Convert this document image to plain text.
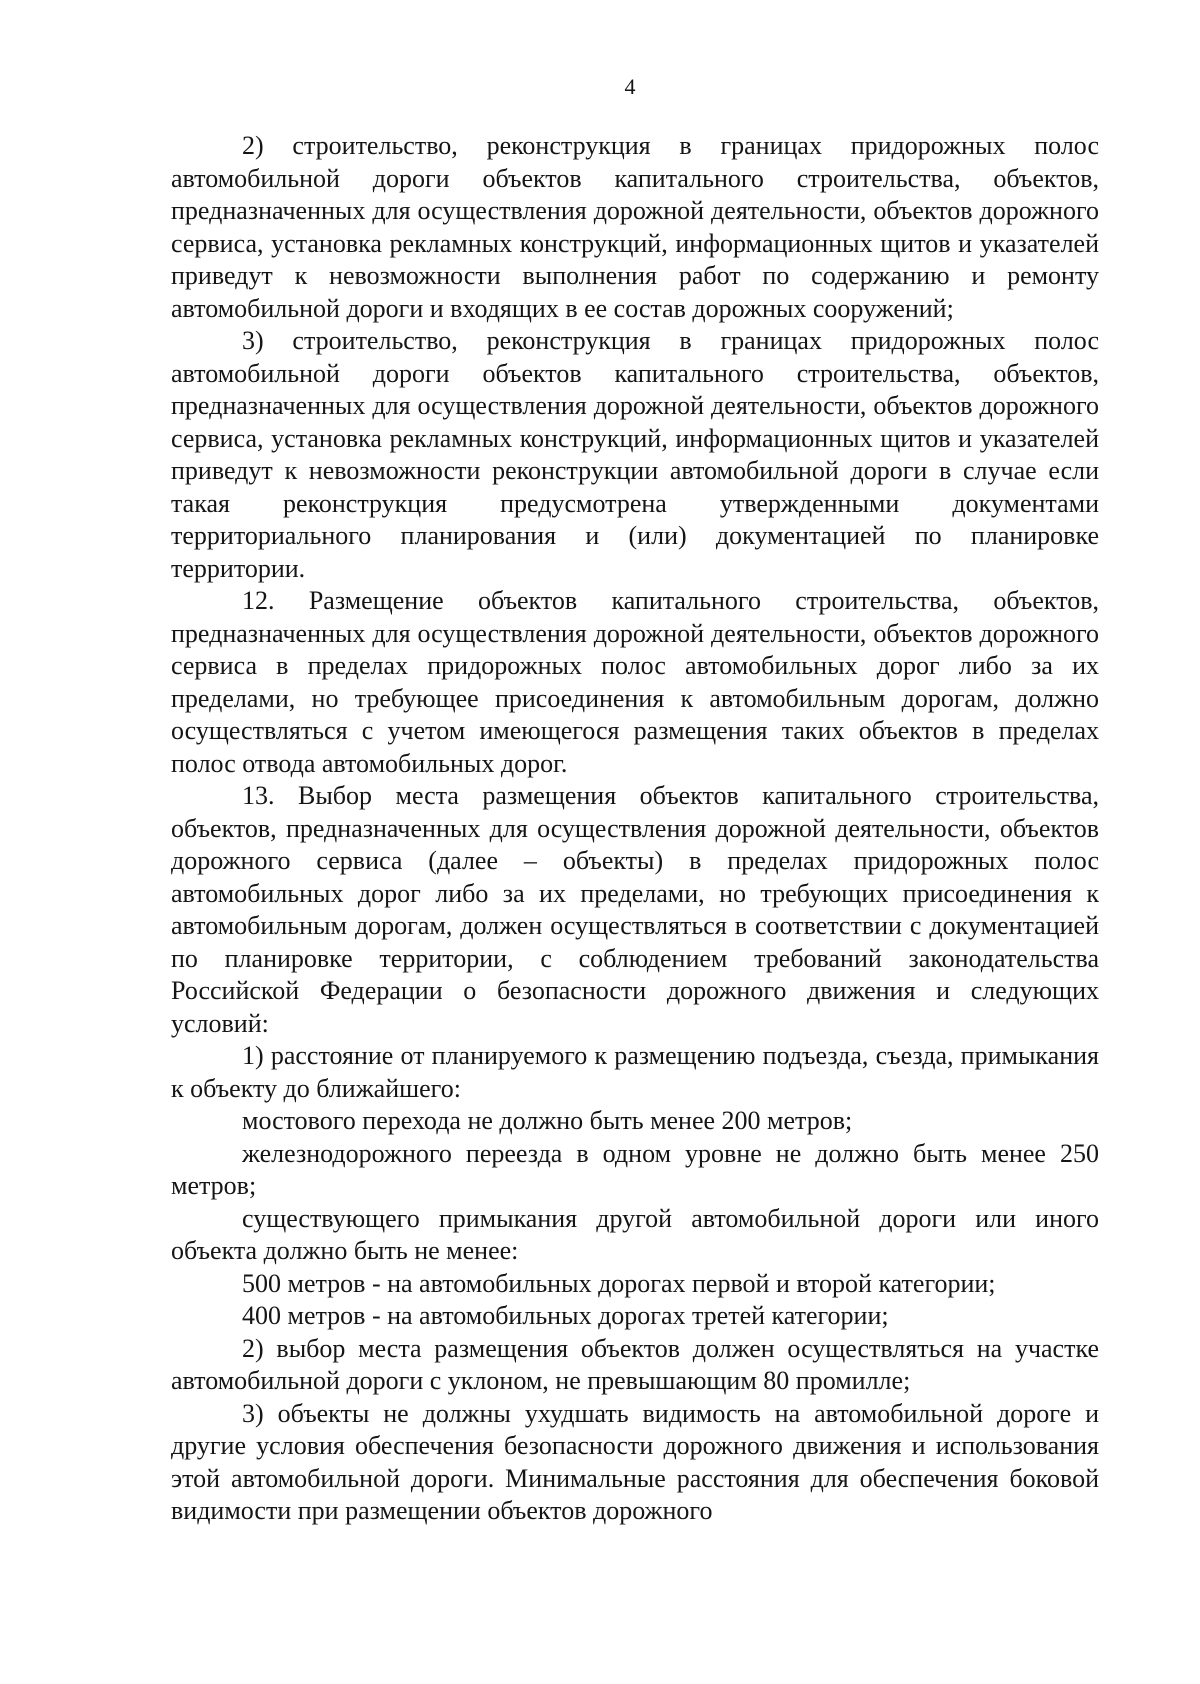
4

2) строительство, реконструкция в границах придорожных полос автомобильной дороги объектов капитального строительства, объектов, предназначенных для осуществления дорожной деятельности, объектов дорожного сервиса, установка рекламных конструкций, информационных щитов и указателей приведут к невозможности выполнения работ по содержанию и ремонту автомобильной дороги и входящих в ее состав дорожных сооружений;

3) строительство, реконструкция в границах придорожных полос автомобильной дороги объектов капитального строительства, объектов, предназначенных для осуществления дорожной деятельности, объектов дорожного сервиса, установка рекламных конструкций, информационных щитов и указателей приведут к невозможности реконструкции автомобильной дороги в случае если такая реконструкция предусмотрена утвержденными документами территориального планирования и (или) документацией по планировке территории.

12. Размещение объектов капитального строительства, объектов, предназначенных для осуществления дорожной деятельности, объектов дорожного сервиса в пределах придорожных полос автомобильных дорог либо за их пределами, но требующее присоединения к автомобильным дорогам, должно осуществляться с учетом имеющегося размещения таких объектов в пределах полос отвода автомобильных дорог.

13. Выбор места размещения объектов капитального строительства, объектов, предназначенных для осуществления дорожной деятельности, объектов дорожного сервиса (далее – объекты) в пределах придорожных полос автомобильных дорог либо за их пределами, но требующих присоединения к автомобильным дорогам, должен осуществляться в соответствии с документацией по планировке территории, с соблюдением требований законодательства Российской Федерации о безопасности дорожного движения и следующих условий:

1) расстояние от планируемого к размещению подъезда, съезда, примыкания к объекту до ближайшего:

мостового перехода не должно быть менее 200 метров;

железнодорожного переезда в одном уровне не должно быть менее 250 метров;

существующего примыкания другой автомобильной дороги или иного объекта должно быть не менее:

500 метров - на автомобильных дорогах первой и второй категории;

400 метров - на автомобильных дорогах третей категории;

2) выбор места размещения объектов должен осуществляться на участке автомобильной дороги с уклоном, не превышающим 80 промилле;

3) объекты не должны ухудшать видимость на автомобильной дороге и другие условия обеспечения безопасности дорожного движения и использования этой автомобильной дороги. Минимальные расстояния для обеспечения боковой видимости при размещении объектов дорожного
